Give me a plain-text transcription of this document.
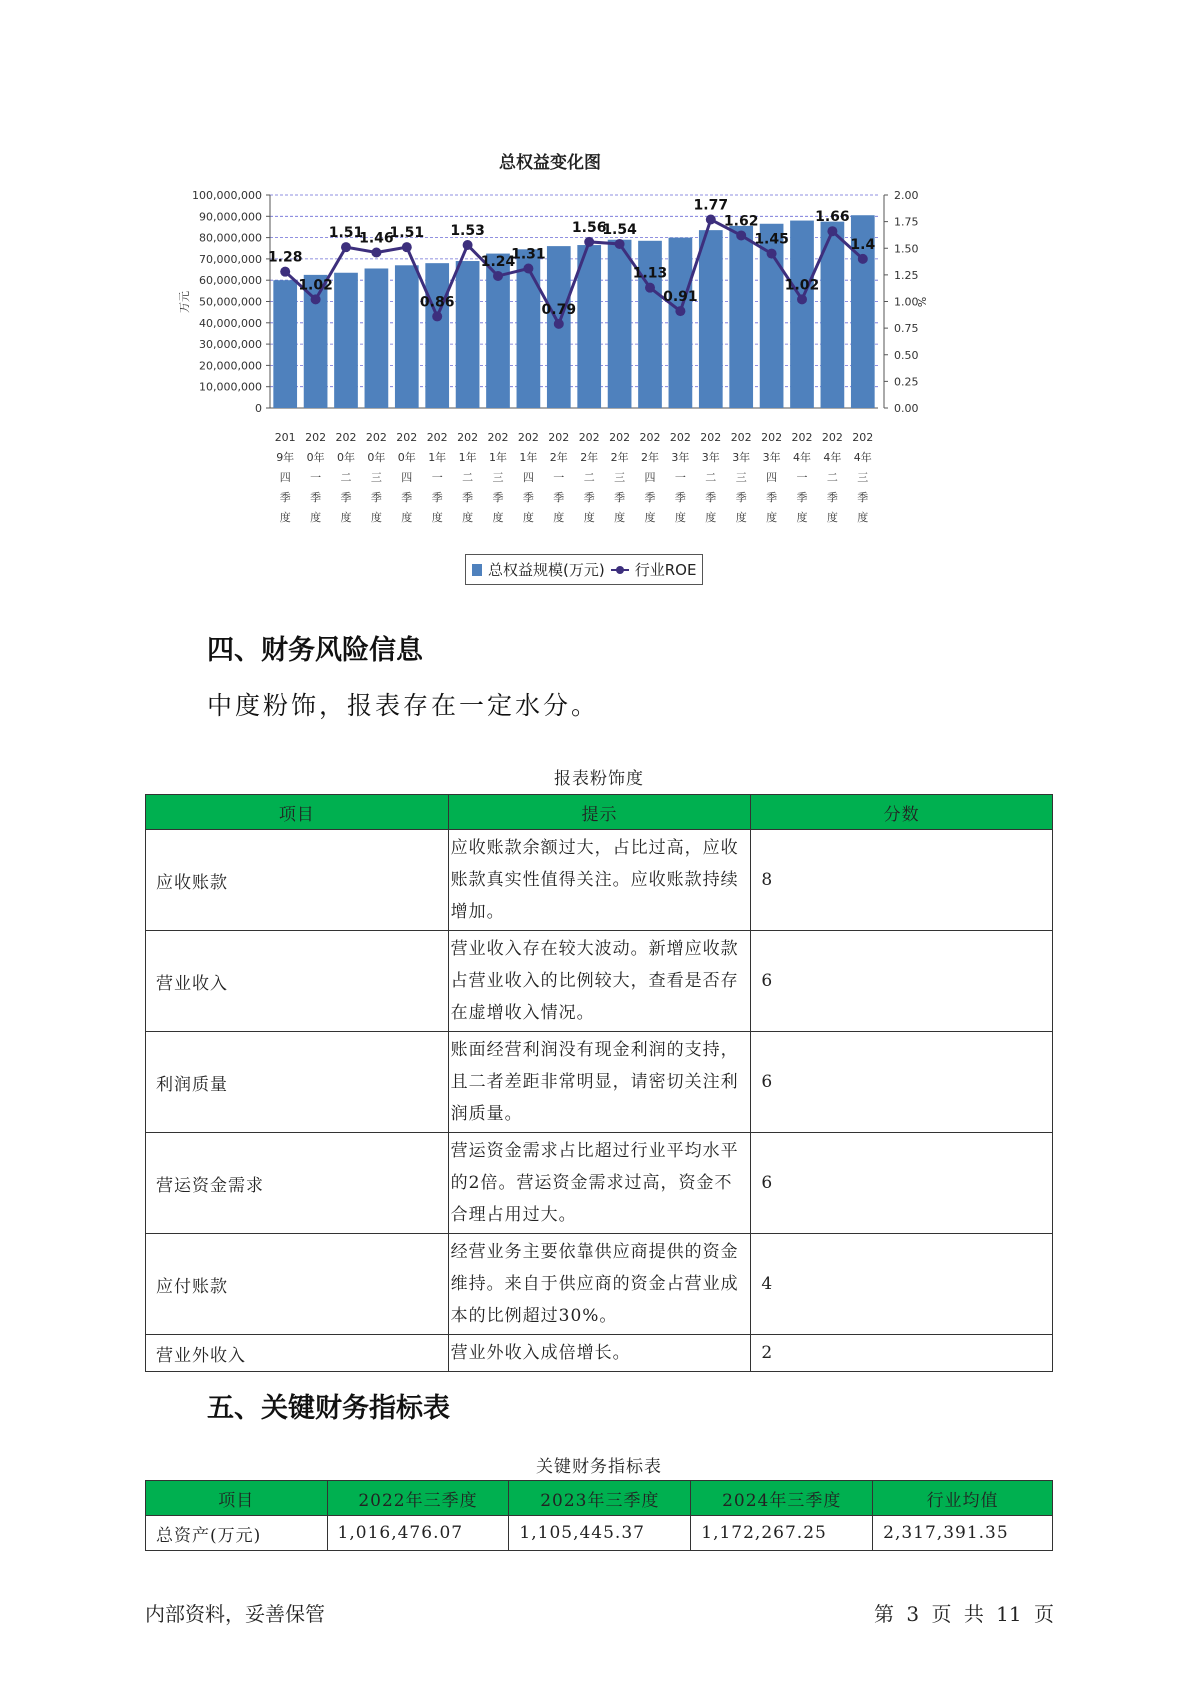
总权益变化图
100,000,000
90,000,000
80,000,000
70,000,000
60,000,000
50,000,000
40,000,000
30,000,000
20,000,000
10,000,000
0
2.00
1.75
1.50
1.25
1.00
0.75
0.50
0.25
0.00
万元	%
201
9年
四
季
度
202
0年
一
季
度
202
0年
二
季
度
202
0年
三
季
度
202
0年
四
季
度
202
1年
一
季
度
202
1年
二
季
度
202
1年
三
季
度
202
1年
四
季
度
202
2年
一
季
度
202
2年
二
季
度
202
2年
三
季
度
202
2年
四
季
度
202
3年
一
季
度
202
3年
二
季
度
202
3年
三
季
度
202
3年
四
季
度
202
4年
一
季
度
202
4年
二
季
度
202
4年
三
季
度
1.28
1.02
1.51
1.46
1.51
0.86
1.53
1.24
1.31
0.79
1.56
1.54
1.13
0.91
1.77
1.62
1.45
1.02
1.66
1.4
总权益规模(万元) 行业ROE
四、财务风险信息
中度粉饰，报表存在一定水分。
报表粉饰度
项目	提示	分数
应收账款	应收账款余额过大，占比过高，应收账款真实性值得关注。应收账款持续增加。	8
营业收入	营业收入存在较大波动。新增应收款占营业收入的比例较大，查看是否存在虚增收入情况。	6
利润质量	账面经营利润没有现金利润的支持，且二者差距非常明显，请密切关注利润质量。	6
营运资金需求	营运资金需求占比超过行业平均水平的2倍。营运资金需求过高，资金不合理占用过大。	6
应付账款	经营业务主要依靠供应商提供的资金维持。来自于供应商的资金占营业成本的比例超过30%。	4
营业外收入	营业外收入成倍增长。	2
五、关键财务指标表
关键财务指标表
项目	2022年三季度	2023年三季度	2024年三季度	行业均值
总资产(万元)	1,016,476.07	1,105,445.37	1,172,267.25	2,317,391.35
内部资料，妥善保管	第 3 页 共 11 页
